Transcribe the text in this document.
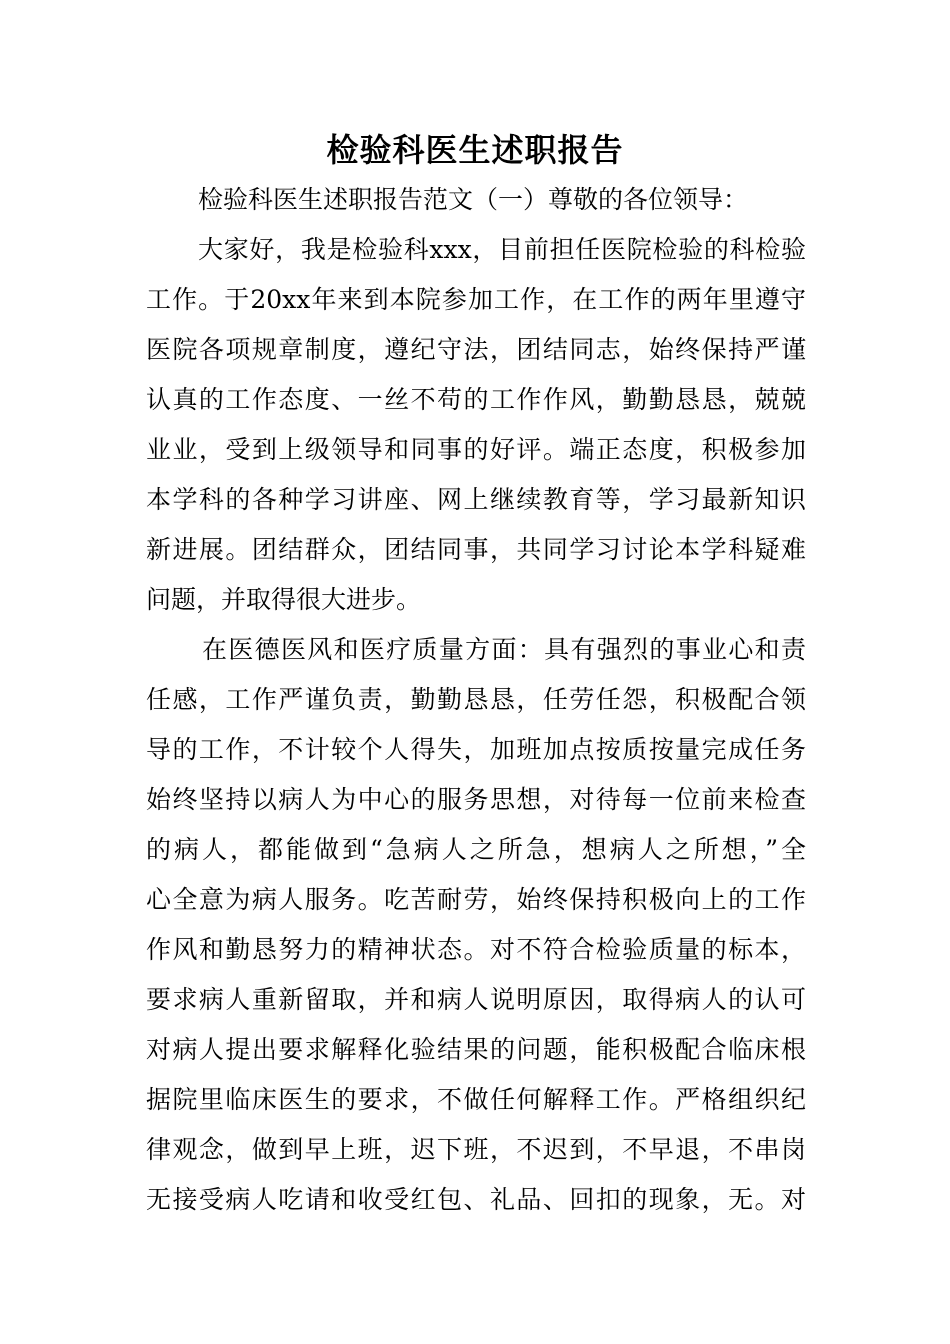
检验科医生述职报告
检验科医生述职报告范文（一）尊敬的各位领导：
大家好，我是检验科xxx，目前担任医院检验的科检验
工作。于20xx年来到本院参加工作，在工作的两年里遵守
医院各项规章制度，遵纪守法，团结同志，始终保持严谨
认真的工作态度、一丝不苟的工作作风，勤勤恳恳，兢兢
业业，受到上级领导和同事的好评。端正态度，积极参加
本学科的各种学习讲座、网上继续教育等，学习最新知识
新进展。团结群众，团结同事，共同学习讨论本学科疑难
问题，并取得很大进步。
在医德医风和医疗质量方面：具有强烈的事业心和责
任感，工作严谨负责，勤勤恳恳，任劳任怨，积极配合领
导的工作，不计较个人得失，加班加点按质按量完成任务
始终坚持以病人为中心的服务思想，对待每一位前来检查
的病人，都能做到“急病人之所急，想病人之所想，”全
心全意为病人服务。吃苦耐劳，始终保持积极向上的工作
作风和勤恳努力的精神状态。对不符合检验质量的标本，
要求病人重新留取，并和病人说明原因，取得病人的认可
对病人提出要求解释化验结果的问题，能积极配合临床根
据院里临床医生的要求，不做任何解释工作。严格组织纪
律观念，做到早上班，迟下班，不迟到，不早退，不串岗
无接受病人吃请和收受红包、礼品、回扣的现象，无。对
